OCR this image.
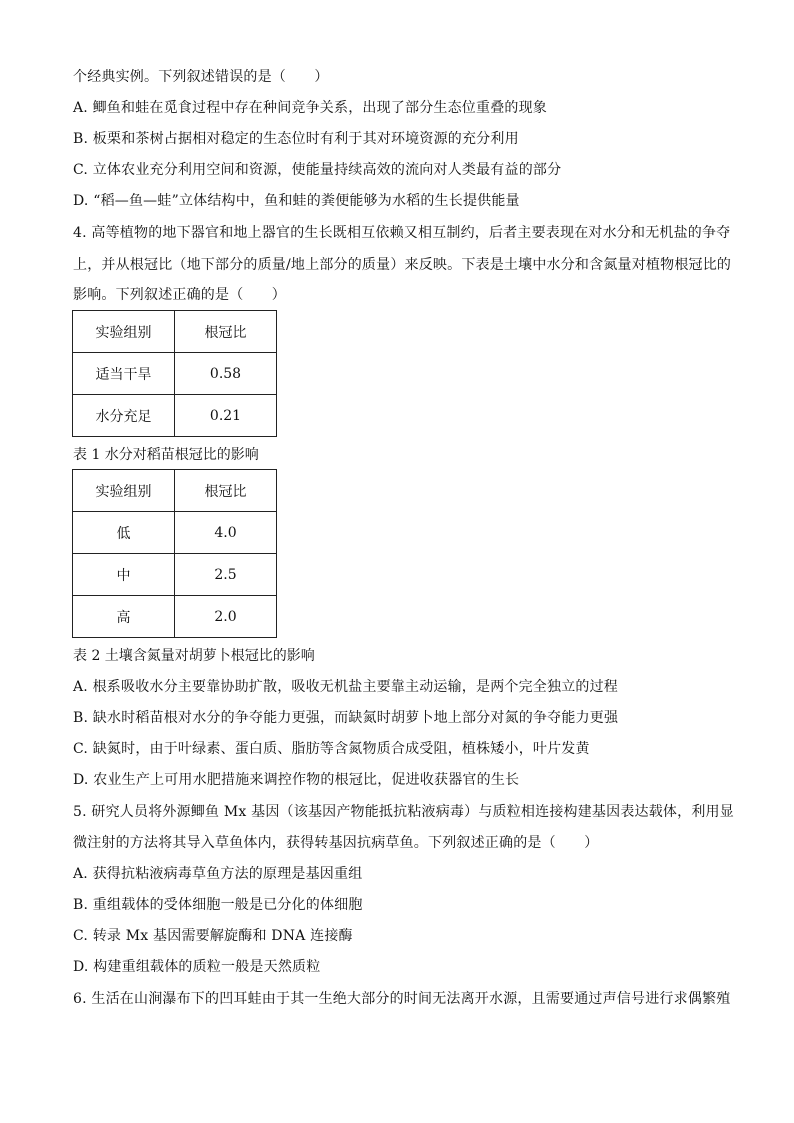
个经典实例。下列叙述错误的是（　　）
A. 鲫鱼和蛙在觅食过程中存在种间竞争关系，出现了部分生态位重叠的现象
B. 板栗和茶树占据相对稳定的生态位时有利于其对环境资源的充分利用
C. 立体农业充分利用空间和资源，使能量持续高效的流向对人类最有益的部分
D. “稻—鱼—蛙”立体结构中，鱼和蛙的粪便能够为水稻的生长提供能量
4. 高等植物的地下器官和地上器官的生长既相互依赖又相互制约，后者主要表现在对水分和无机盐的争夺
上，并从根冠比（地下部分的质量/地上部分的质量）来反映。下表是土壤中水分和含氮量对植物根冠比的
影响。下列叙述正确的是（　　）
实验组别	根冠比
适当干旱	0.58
水分充足	0.21
表 1 水分对稻苗根冠比的影响
实验组别	根冠比
低	4.0
中	2.5
高	2.0
表 2 土壤含氮量对胡萝卜根冠比的影响
A. 根系吸收水分主要靠协助扩散，吸收无机盐主要靠主动运输，是两个完全独立的过程
B. 缺水时稻苗根对水分的争夺能力更强，而缺氮时胡萝卜地上部分对氮的争夺能力更强
C. 缺氮时，由于叶绿素、蛋白质、脂肪等含氮物质合成受阻，植株矮小，叶片发黄
D. 农业生产上可用水肥措施来调控作物的根冠比，促进收获器官的生长
5. 研究人员将外源鲫鱼 Mx 基因（该基因产物能抵抗粘液病毒）与质粒相连接构建基因表达载体，利用显
微注射的方法将其导入草鱼体内，获得转基因抗病草鱼。下列叙述正确的是（　　）
A. 获得抗粘液病毒草鱼方法的原理是基因重组
B. 重组载体的受体细胞一般是已分化的体细胞
C. 转录 Mx 基因需要解旋酶和 DNA 连接酶
D. 构建重组载体的质粒一般是天然质粒
6. 生活在山涧瀑布下的凹耳蛙由于其一生绝大部分的时间无法离开水源，且需要通过声信号进行求偶繁殖
